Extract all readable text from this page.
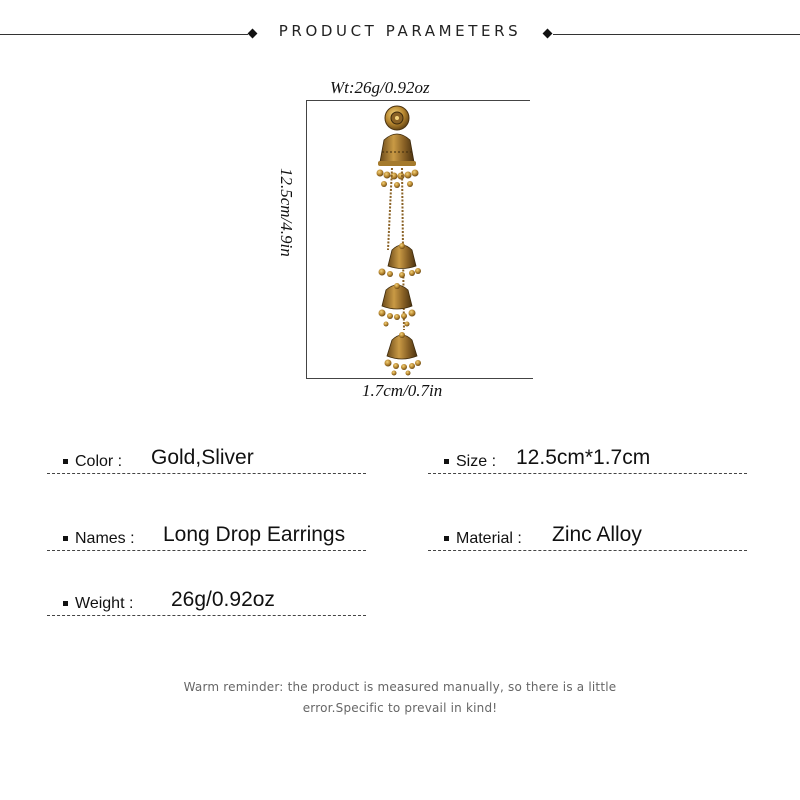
PRODUCT PARAMETERS
Wt:26g/0.92oz
12.5cm/4.9in
1.7cm/0.7in
Color : Gold,Sliver	Size : 12.5cm*1.7cm
Names : Long Drop Earrings	Material : Zinc Alloy
Weight : 26g/0.92oz
Warm reminder: the product is measured manually, so there is a little
error.Specific to prevail in kind!
